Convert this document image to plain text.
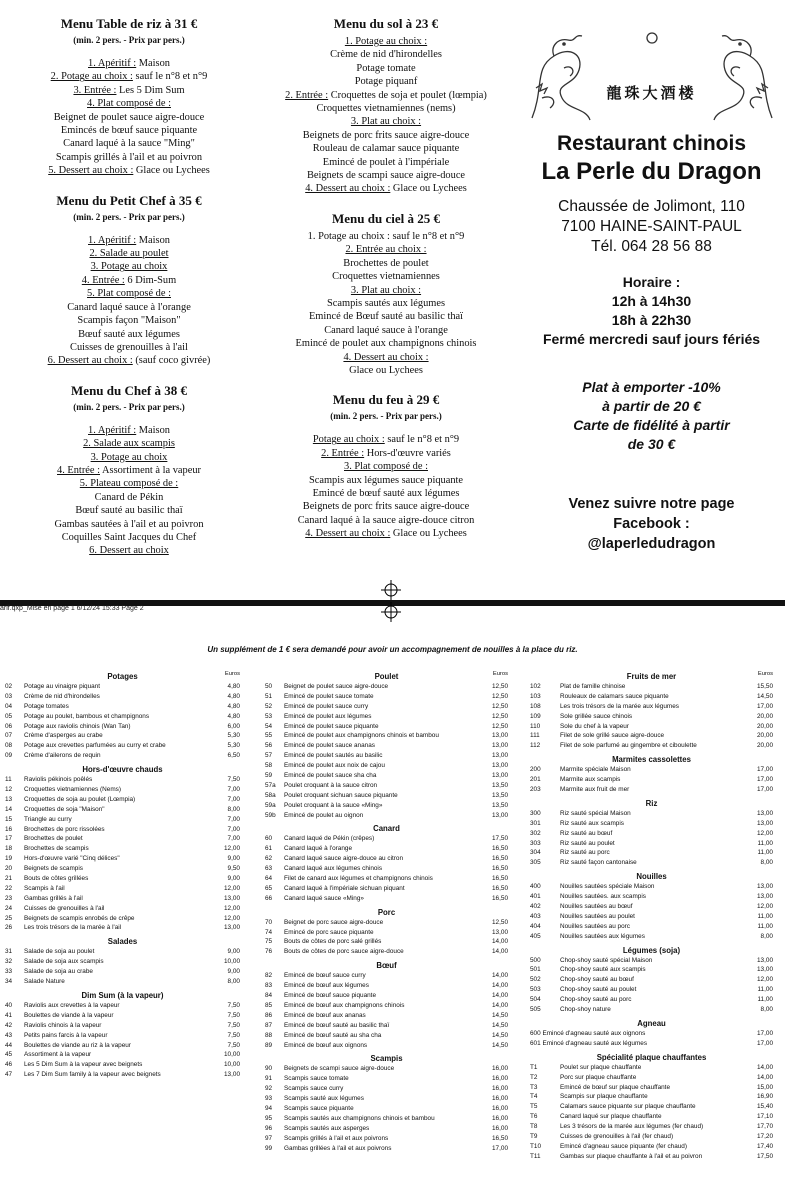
Menu Table de riz à 31 €
(min. 2 pers. - Prix par pers.)
1. Apéritif : Maison
2. Potage au choix : sauf le n°8 et n°9
3. Entrée : Les 5 Dim Sum
4. Plat composé de :
Beignet de poulet sauce aigre-douce
Emincés de bœuf sauce piquante
Canard laqué à la sauce "Ming"
Scampis grillés à l'ail et au poivron
5. Dessert au choix : Glace ou Lychees
Menu du Petit Chef à 35 €
(min. 2 pers. - Prix par pers.)
1. Apéritif : Maison
2. Salade au poulet
3. Potage au choix
4. Entrée : 6 Dim-Sum
5. Plat composé de :
Canard laqué sauce à l'orange
Scampis façon "Maison"
Bœuf sauté aux légumes
Cuisses de grenouilles à l'ail
6. Dessert au choix : (sauf coco givrée)
Menu du Chef à 38 €
(min. 2 pers. - Prix par pers.)
1. Apéritif : Maison
2. Salade aux scampis
3. Potage au choix
4. Entrée : Assortiment à la vapeur
5. Plateau composé de :
Canard de Pékin
Bœuf sauté au basilic thaï
Gambas sautées à l'ail et au poivron
Coquilles Saint Jacques du Chef
6. Dessert au choix
Menu du sol à 23 €
1. Potage au choix :
Crème de nid d'hirondelles
Potage tomate
Potage piquanf
2. Entrée : Croquettes de soja et poulet (lœmpia)
Croquettes vietnamiennes (nems)
3. Plat au choix :
Beignets de porc frits sauce aigre-douce
Rouleau de calamar sauce piquante
Emincé de poulet à l'impériale
Beignets de scampi sauce aigre-douce
4. Dessert au choix : Glace ou Lychees
Menu du ciel à 25 €
1. Potage au choix : sauf le n°8 et n°9
2. Entrée au choix :
Brochettes de poulet
Croquettes vietnamiennes
3. Plat au choix :
Scampis sautés aux légumes
Emincé de Bœuf sauté au basilic thaï
Canard laqué sauce à l'orange
Emincé de poulet aux champignons chinois
4. Dessert au choix :
Glace ou Lychees
Menu du feu à 29 €
(min. 2 pers. - Prix par pers.)
Potage au choix : sauf le n°8 et n°9
2. Entrée : Hors-d'œuvre variés
3. Plat composé de :
Scampis aux légumes sauce piquante
Emincé de bœuf sauté aux légumes
Beignets de porc frits sauce aigre-douce
Canard laqué à la sauce aigre-douce citron
4. Dessert au choix : Glace ou Lychees
龍珠大酒楼
Restaurant chinois
La Perle du Dragon
Chaussée de Jolimont, 110
7100 HAINE-SAINT-PAUL
Tél. 064 28 56 88
Horaire :
12h à 14h30
18h à 22h30
Fermé mercredi sauf jours fériés
Plat à emporter -10%
à partir de 20 €
Carte de fidélité à partir
de 30 €
Venez suivre notre page
Facebook :
@laperledudragon
arif.qxp_Mise en page 1 6/12/24 15:33 Page 2
Un supplément de 1 € sera demandé pour avoir un accompagnement de nouilles à la place du riz.
Potages	Euros
02 Potage au vinaigre piquant	4,80
03 Crème de nid d'hirondelles	4,80
04 Potage tomates	4,80
05 Potage au poulet, bambous et champignons	4,80
06 Potage aux raviolis chinois (Wan Tan)	6,00
07 Crème d'asperges au crabe	5,30
08 Potage aux crevettes parfumées au curry et crabe	5,30
09 Crème d'ailerons de requin	6,50
Hors-d'œuvre chauds
11 Raviolis pékinois poêlés	7,50
12 Croquettes vietnamiennes (Nems)	7,00
13 Croquettes de soja au poulet (Lœmpia)	7,00
14 Croquettes de soja "Maison"	8,00
15 Triangle au curry	7,00
16 Brochettes de porc rissolées	7,00
17 Brochettes de poulet	7,00
18 Brochettes de scampis	12,00
19 Hors-d'œuvre varié "Cinq délices"	9,00
20 Beignets de scampis	9,50
21 Bouts de côtes grillées	9,00
22 Scampis à l'ail	12,00
23 Gambas grillés à l'ail	13,00
24 Cuisses de grenouilles à l'ail	12,00
25 Beignets de scampis enrobés de crêpe	12,00
26 Les trois trésors de la marée à l'ail	13,00
Salades
31 Salade de soja au poulet	9,00
32 Salade de soja aux scampis	10,00
33 Salade de soja au crabe	9,00
34 Salade Nature	8,00
Dim Sum (à la vapeur)
40 Raviolis aux crevettes à la vapeur	7,50
41 Boulettes de viande à la vapeur	7,50
42 Raviolis chinois à la vapeur	7,50
43 Petits pains farcis à la vapeur	7,50
44 Boulettes de viande au riz à la vapeur	7,50
45 Assortiment à la vapeur	10,00
46 Les 5 Dim Sum à la vapeur avec beignets	10,00
47 Les 7 Dim Sum family à la vapeur avec beignets	13,00
Poulet	Euros
50 Beignet de poulet sauce aigre-douce	12,50
51 Emincé de poulet sauce tomate	12,50
52 Emincé de poulet sauce curry	12,50
53 Emincé de poulet aux légumes	12,50
54 Emincé de poulet sauce piquante	12,50
55 Emincé de poulet aux champignons chinois et bambou	13,00
56 Emincé de poulet sauce ananas	13,00
57 Emincé de poulet sautés au basilic	13,00
58 Emincé de poulet aux noix de cajou	13,00
59 Emincé de poulet sauce sha cha	13,00
57a Poulet croquant à la sauce citron	13,50
58a Poulet croquant sichuan sauce piquante	13,50
59a Poulet croquant à la sauce «Ming»	13,50
59b Emincé de poulet au oignon	13,00
Canard
60 Canard laqué de Pékin (crêpes)	17,50
61 Canard laqué à l'orange	16,50
62 Canard laqué sauce aigre-douce au citron	16,50
63 Canard laqué aux légumes chinois	16,50
64 Filet de canard aux légumes et champignons chinois	16,50
65 Canard laqué à l'impériale sichuan piquant	16,50
66 Canard laqué sauce «Ming»	16,50
Porc
70 Beignet de porc sauce aigre-douce	12,50
74 Emincé de porc sauce piquante	13,00
75 Bouts de côtes de porc salé grillés	14,00
76 Bouts de côtes de porc sauce aigre-douce	14,00
Bœuf
82 Emincé de bœuf sauce curry	14,00
83 Emincé de bœuf aux légumes	14,00
84 Emincé de bœuf sauce piquante	14,00
85 Emincé de bœuf aux champignons chinois	14,00
86 Emincé de bœuf aux ananas	14,50
87 Emincé de bœuf sauté au basilic thaï	14,50
88 Emincé de bœuf sauté au sha cha	14,50
89 Emincé de bœuf aux oignons	14,50
Scampis
90 Beignets de scampi sauce aigre-douce	16,00
91 Scampis sauce tomate	16,00
92 Scampis sauce curry	16,00
93 Scampis sauté aux légumes	16,00
94 Scampis sauce piquante	16,00
95 Scampis sautés aux champignons chinois et bambou	16,00
96 Scampis sautés aux asperges	16,00
97 Scampis grillés à l'ail et aux poivrons	16,50
99 Gambas grillées à l'ail et aux poivrons	17,00
Fruits de mer	Euros
102	Plat de famille chinoise	15,50
103	Rouleaux de calamars sauce piquante	14,50
108	Les trois trésors de la marée aux légumes	17,00
109	Sole grillée sauce chinois	20,00
110	Sole du chef à la vapeur	20,00
111	Filet de sole grillé sauce aigre-douce	20,00
112	Filet de sole parfumé au gingembre et ciboulette	20,00
Marmites cassolettes
200	Marmite spéciale Maison	17,00
201	Marmite aux scampis	17,00
203	Marmite aux fruit de mer	17,00
Riz
300	Riz sauté spécial Maison	13,00
301	Riz sauté aux scampis	13,00
302	Riz sauté au bœuf	12,00
303	Riz sauté au poulet	11,00
304	Riz sauté au porc	11,00
305	Riz sauté façon cantonaise	8,00
Nouilles
400	Nouilles sautées spéciale Maison	13,00
401	Nouilles sautées. aux scampis	13,00
402	Nouilles sautées au bœuf	12,00
403	Nouilles sautées au poulet	11,00
404	Nouilles sautées au porc	11,00
405	Nouilles sautées aux légumes	8,00
Légumes (soja)
500	Chop-shoy sauté spécial Maison	13,00
501	Chop-shoy sauté aux scampis	13,00
502	Chop-shoy sauté au bœuf	12,00
503	Chop-shoy sauté au poulet	11,00
504	Chop-shoy sauté au porc	11,00
505	Chop-shoy nature	8,00
Agneau
600 Emincé d'agneau sauté aux oignons	17,00
601 Emincé d'agneau sauté aux légumes	17,00
Spécialité plaque chauffantes
T1	Poulet sur plaque chauffante	14,00
T2	Porc sur plaque chauffante	14,00
T3	Emincé de bœuf sur plaque chauffante	15,00
T4	Scampis sur plaque chauffante	16,90
T5	Calamars sauce piquante sur plaque chauffante	15,40
T6	Canard laqué sur plaque chauffante	17,10
T8	Les 3 trésors de la marée aux légumes (fer chaud)	17,70
T9	Cuisses de grenouilles à l'ail (fer chaud)	17,20
T10	Emincé d'agneau sauce piquante (fer chaud)	17,40
T11	Gambas sur plaque chauffante à l'ail et au poivron	17,50
